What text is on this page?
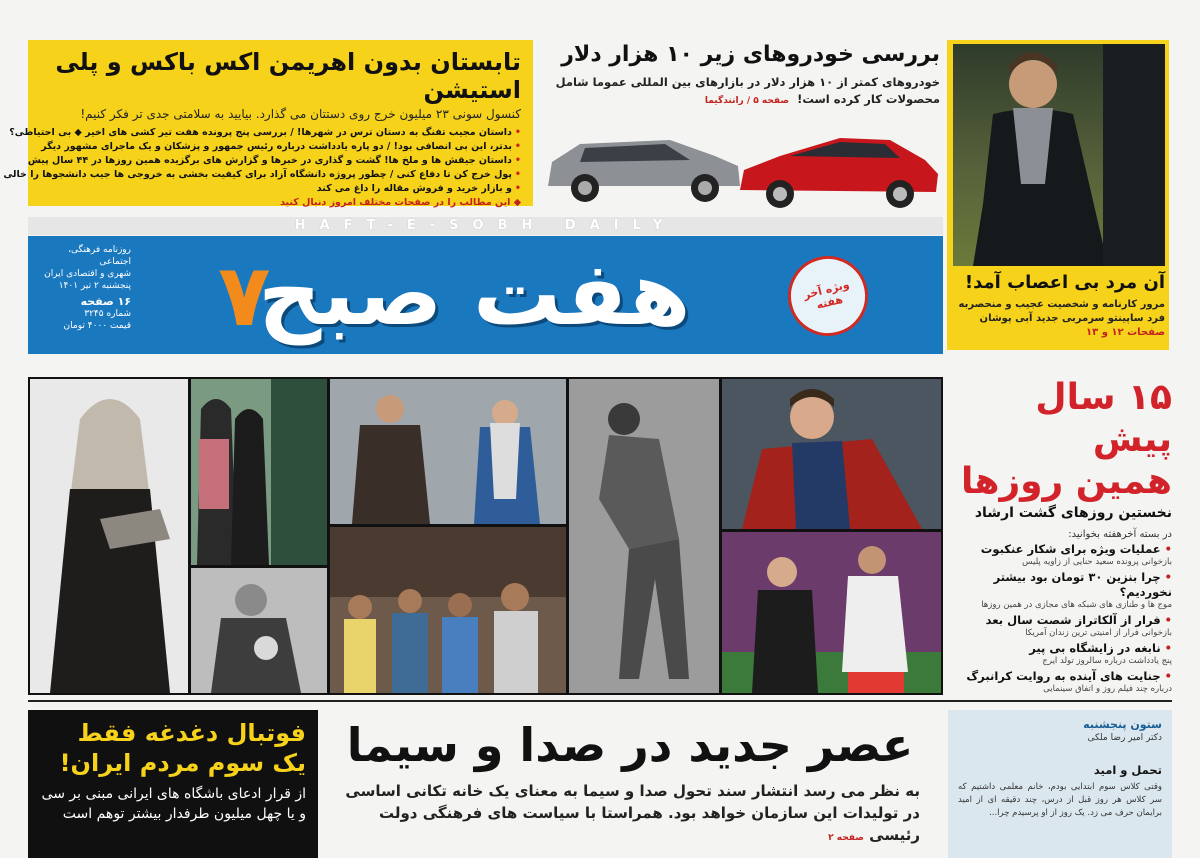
تابستان بدون اهریمن اکس باکس و پلی استیشن
کنسول سونی ۲۳ میلیون خرج روی دستتان می گذارد. بیایید به سلامتی جدی تر فکر کنیم!
•داستان مجیب تفنگ به دستان ترس در شهرها! / بررسی پنج پرونده هفت تیر کشی های اخیر ◆ بی احتیاطی؟
•بدتر، این بی انصافی بود! / دو پاره یادداشت درباره رئیس جمهور و پزشکان و یک ماجرای مشهور دیگر
•داستان جیقش ها و ملخ ها! گشت و گذاری در خبرها و گزارش های برگزیده همین روزها در ۴۴ سال پیش
•پول خرج کن تا دفاع کنی / چطور پروژه دانشگاه آزاد برای کیفیت بخشی به خروجی ها جیب دانشجوها را خالی
•و بازار خرید و فروش مقاله را داغ می کند
◆ این مطالب را در صفحات مختلف امروز دنبال کنید
بررسی خودروهای زیر ۱۰ هزار دلار
خودروهای کمتر از ۱۰ هزار دلار در بازارهای بین المللی عموما شامل محصولات کار کرده است! صفحه ۵ / رانندگیما
آن مرد بی اعصاب آمد!
مرور کارنامه و شخصیت عجیب و منحصربه فرد ساپینتو سرمربی جدید آبی پوشان صفحات ۱۲ و ۱۳
HAFT-E-SOBH DAILY
روزنامه فرهنگی، اجتماعی
شهری و اقتصادی ایران
پنجشنبه ۲ تیر ۱۴۰۱
۱۶ صفحه
شماره ۳۲۴۵
قیمت ۴۰۰۰ تومان ۷
هفت صبح	ویژه آخر هفته
۱۵ سال پیش
همین روزها
نخستین روزهای گشت ارشاد
در بسته آخرهفته بخوانید:
•عملیات ویژه برای شکار عنکبوت
بازخوانی پرونده سعید حنایی از زاویه پلیس
•چرا بنزین ۳۰ تومان بود بیشتر نخوردیم؟
موج ها و طنازی های شبکه های مجازی در همین روزها
•فرار از آلکاتراز شصت سال بعد
بازخوانی فرار از امنیتی ترین زندان آمریکا
•نابغه در زایشگاه بی پیر
پنج یادداشت درباره سالروز تولد ایرج
•جنایت های آینده به روایت کرانبرگ
درباره چند فیلم روز و اتفاق سینمایی
فوتبال دغدغه فقط یک سوم مردم ایران!
از قرار ادعای باشگاه های ایرانی مبنی بر سی و یا چهل میلیون طرفدار بیشتر توهم است
عصر جدید در صدا و سیما
به نظر می رسد انتشار سند تحول صدا و سیما به معنای یک خانه تکانی اساسی در تولیدات این سازمان خواهد بود. همراستا با سیاست های فرهنگی دولت رئیسی صفحه ۲
ستون پنجشنبه
دکتر امیر رضا ملکی
تحمل و امید
وقتی کلاس سوم ابتدایی بودم، خانم معلمی داشتیم که سر کلاس هر روز قبل از درس، چند دقیقه ای از امید برایمان حرف می زد. یک روز از او پرسیدم چرا...
